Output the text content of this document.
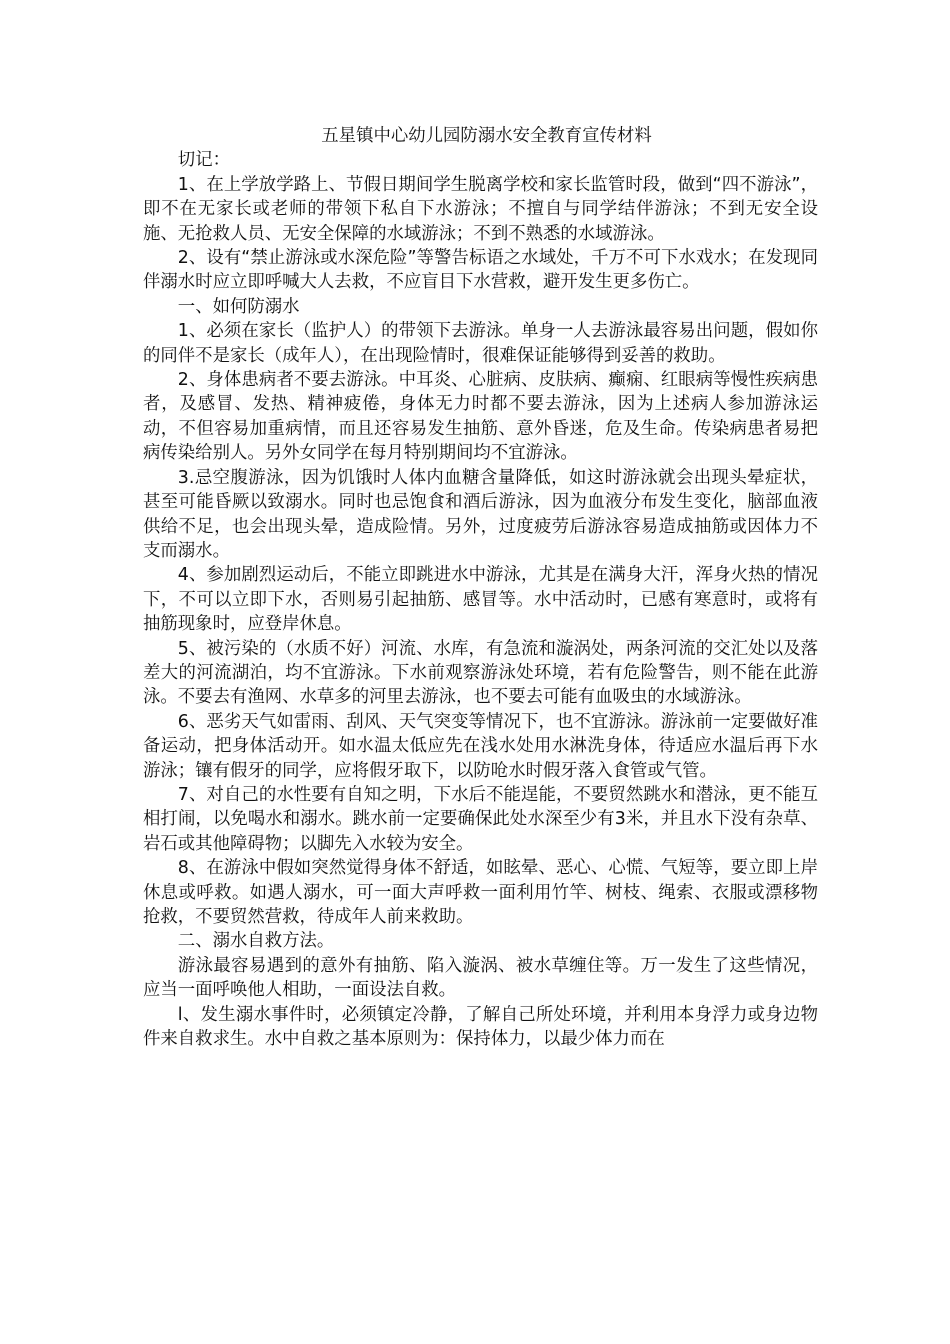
五星镇中心幼儿园防溺水安全教育宣传材料

切记：

1、在上学放学路上、节假日期间学生脱离学校和家长监管时段，做到“四不游泳”，即不在无家长或老师的带领下私自下水游泳；不擅自与同学结伴游泳；不到无安全设施、无抢救人员、无安全保障的水域游泳；不到不熟悉的水域游泳。

2、设有“禁止游泳或水深危险”等警告标语之水域处，千万不可下水戏水；在发现同伴溺水时应立即呼喊大人去救，不应盲目下水营救，避开发生更多伤亡。

一、如何防溺水

1、必须在家长（监护人）的带领下去游泳。单身一人去游泳最容易出问题，假如你的同伴不是家长（成年人），在出现险情时，很难保证能够得到妥善的救助。

2、身体患病者不要去游泳。中耳炎、心脏病、皮肤病、癫痫、红眼病等慢性疾病患者，及感冒、发热、精神疲倦，身体无力时都不要去游泳，因为上述病人参加游泳运动，不但容易加重病情，而且还容易发生抽筋、意外昏迷，危及生命。传染病患者易把病传染给别人。另外女同学在每月特别期间均不宜游泳。

3.忌空腹游泳，因为饥饿时人体内血糖含量降低，如这时游泳就会出现头晕症状，甚至可能昏厥以致溺水。同时也忌饱食和酒后游泳，因为血液分布发生变化，脑部血液供给不足，也会出现头晕，造成险情。另外，过度疲劳后游泳容易造成抽筋或因体力不支而溺水。

4、参加剧烈运动后，不能立即跳进水中游泳，尤其是在满身大汗，浑身火热的情况下，不可以立即下水，否则易引起抽筋、感冒等。水中活动时，已感有寒意时，或将有抽筋现象时，应登岸休息。

5、被污染的（水质不好）河流、水库，有急流和漩涡处，两条河流的交汇处以及落差大的河流湖泊，均不宜游泳。下水前观察游泳处环境，若有危险警告，则不能在此游泳。不要去有渔网、水草多的河里去游泳，也不要去可能有血吸虫的水域游泳。

6、恶劣天气如雷雨、刮风、天气突变等情况下，也不宜游泳。游泳前一定要做好准备运动，把身体活动开。如水温太低应先在浅水处用水淋洗身体，待适应水温后再下水游泳；镶有假牙的同学，应将假牙取下，以防呛水时假牙落入食管或气管。

7、对自己的水性要有自知之明，下水后不能逞能，不要贸然跳水和潜泳，更不能互相打闹，以免喝水和溺水。跳水前一定要确保此处水深至少有3米，并且水下没有杂草、岩石或其他障碍物；以脚先入水较为安全。

8、在游泳中假如突然觉得身体不舒适，如眩晕、恶心、心慌、气短等，要立即上岸休息或呼救。如遇人溺水，可一面大声呼救一面利用竹竿、树枝、绳索、衣服或漂移物抢救，不要贸然营救，待成年人前来救助。

二、溺水自救方法。

游泳最容易遇到的意外有抽筋、陷入漩涡、被水草缠住等。万一发生了这些情况，应当一面呼唤他人相助，一面设法自救。

l、发生溺水事件时，必须镇定冷静，了解自己所处环境，并利用本身浮力或身边物件来自救求生。水中自救之基本原则为：保持体力，以最少体力而在
